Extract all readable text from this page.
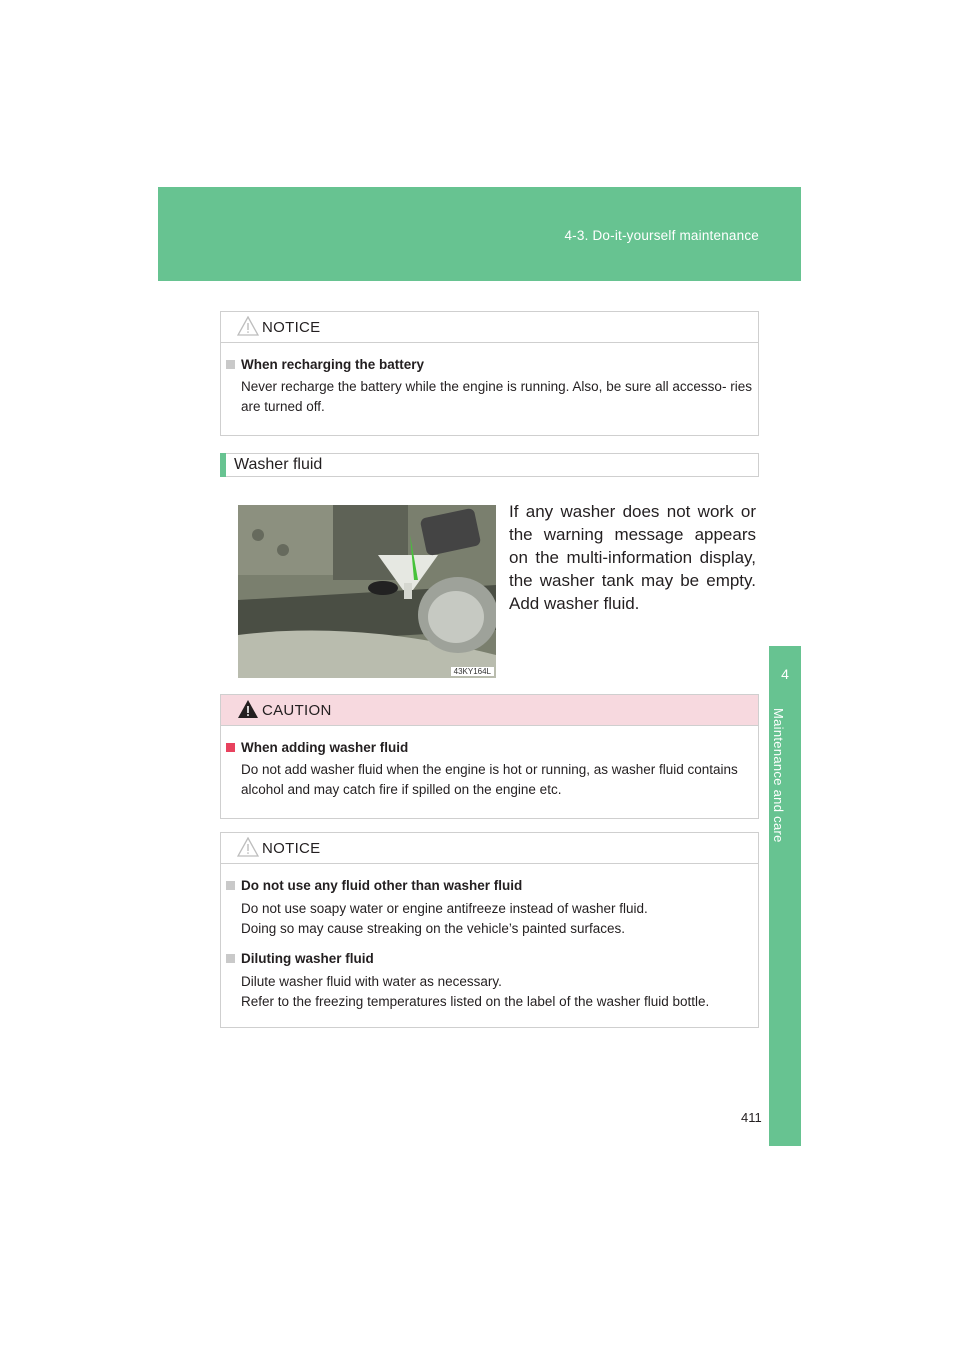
4-3. Do-it-yourself maintenance
4
Maintenance and care
NOTICE

When recharging the battery

Never recharge the battery while the engine is running. Also, be sure all accesso- ries are turned off.

Washer fluid
43KY164L

If any washer does not work or the warning message appears on the multi-information display, the washer tank may be empty. Add washer fluid.

CAUTION

When adding washer fluid

Do not add washer fluid when the engine is hot or running, as washer fluid contains alcohol and may catch fire if spilled on the engine etc.

NOTICE

Do not use any fluid other than washer fluid

Do not use soapy water or engine antifreeze instead of washer fluid.

Doing so may cause streaking on the vehicle’s painted surfaces.

Diluting washer fluid

Dilute washer fluid with water as necessary.

Refer to the freezing temperatures listed on the label of the washer fluid bottle.

411
